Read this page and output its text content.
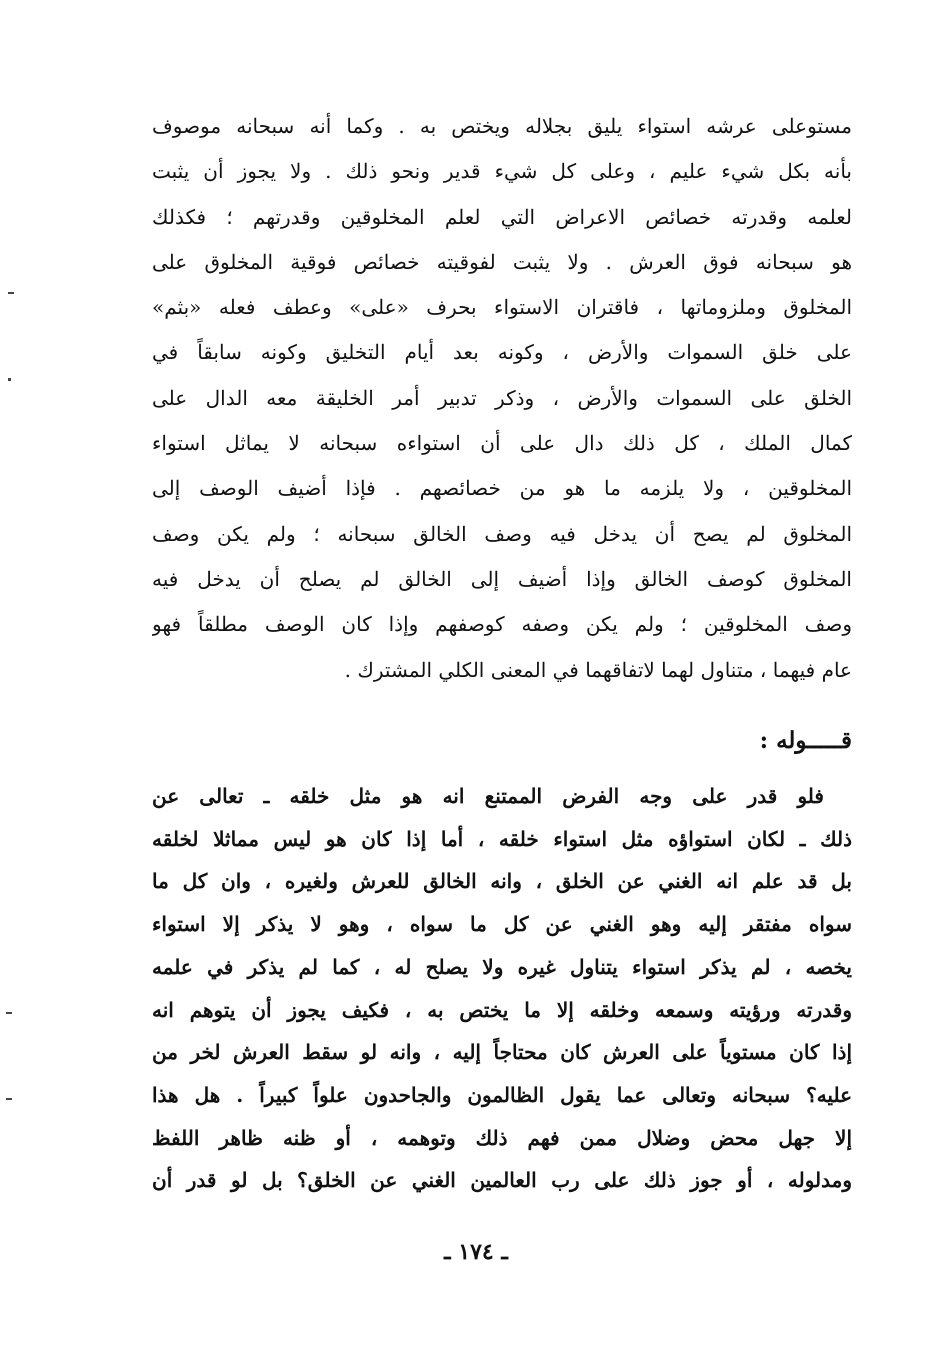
مستوعلى عرشه استواء يليق بجلاله ويختص به . وكما أنه سبحانه موصوف
بأنه بكل شيء عليم ، وعلى كل شيء قدير ونحو ذلك . ولا يجوز أن يثبت
لعلمه وقدرته خصائص الاعراض التي لعلم المخلوقين وقدرتهم ؛ فكذلك
هو سبحانه فوق العرش . ولا يثبت لفوقيته خصائص فوقية المخلوق على
المخلوق وملزوماتها ، فاقتران الاستواء بحرف «على» وعطف فعله «بثم»
على خلق السموات والأرض ، وكونه بعد أيام التخليق وكونه سابقاً في
الخلق على السموات والأرض ، وذكر تدبير أمر الخليقة معه الدال على
كمال الملك ، كل ذلك دال على أن استواءه سبحانه لا يماثل استواء
المخلوقين ، ولا يلزمه ما هو من خصائصهم . فإذا أضيف الوصف إلى
المخلوق لم يصح أن يدخل فيه وصف الخالق سبحانه ؛ ولم يكن وصف
المخلوق كوصف الخالق وإذا أضيف إلى الخالق لم يصلح أن يدخل فيه
وصف المخلوقين ؛ ولم يكن وصفه كوصفهم وإذا كان الوصف مطلقاً فهو
عام فيهما ، متناول لهما لاتفاقهما في المعنى الكلي المشترك .
قـــــوله :
فلو قدر على وجه الفرض الممتنع انه هو مثل خلقه ـ تعالى عن
ذلك ـ لكان استواؤه مثل استواء خلقه ، أما إذا كان هو ليس مماثلا لخلقه
بل قد علم انه الغني عن الخلق ، وانه الخالق للعرش ولغيره ، وان كل ما
سواه مفتقر إليه وهو الغني عن كل ما سواه ، وهو لا يذكر إلا استواء
يخصه ، لم يذكر استواء يتناول غيره ولا يصلح له ، كما لم يذكر في علمه
وقدرته ورؤيته وسمعه وخلقه إلا ما يختص به ، فكيف يجوز أن يتوهم انه
إذا كان مستوياً على العرش كان محتاجاً إليه ، وانه لو سقط العرش لخر من
عليه؟ سبحانه وتعالى عما يقول الظالمون والجاحدون علواً كبيراً . هل هذا
إلا جهل محض وضلال ممن فهم ذلك وتوهمه ، أو ظنه ظاهر اللفظ
ومدلوله ، أو جوز ذلك على رب العالمين الغني عن الخلق؟ بل لو قدر أن
ـ ١٧٤ ـ
